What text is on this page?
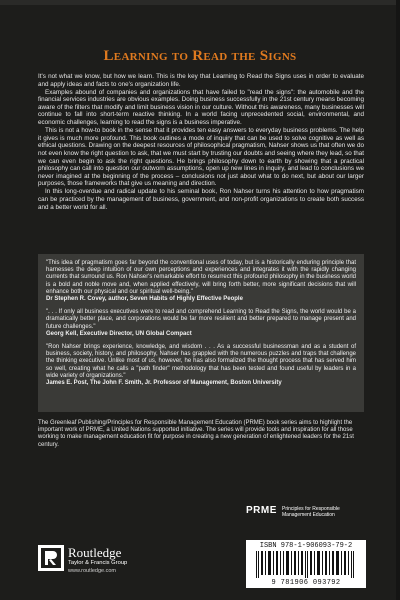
Learning to Read the Signs

It's not what we know, but how we learn. This is the key that Learning to Read the Signs uses in order to evaluate and apply ideas and facts to one's organization life.

Examples abound of companies and organizations that have failed to "read the signs": the automobile and the financial services industries are obvious examples. Doing business successfully in the 21st century means becoming aware of the filters that modify and limit business vision in our culture. Without this awareness, many businesses will continue to fall into short-term reactive thinking. In a world facing unprecedented social, environmental, and economic challenges, learning to read the signs is a business imperative.

This is not a how-to book in the sense that it provides ten easy answers to everyday business problems. The help it gives is much more profound. This book outlines a mode of inquiry that can be used to solve cognitive as well as ethical questions. Drawing on the deepest resources of philosophical pragmatism, Nahser shows us that often we do not even know the right question to ask, that we must start by trusting our doubts and seeing where they lead, so that we can even begin to ask the right questions. He brings philosophy down to earth by showing that a practical philosophy can call into question our outworn assumptions, open up new lines in inquiry, and lead to conclusions we never imagined at the beginning of the process – conclusions not just about what to do next, but about our larger purposes, those frameworks that give us meaning and direction.

In this long-overdue and radical update to his seminal book, Ron Nahser turns his attention to how pragmatism can be practiced by the management of business, government, and non-profit organizations to create both success and a better world for all.

"This idea of pragmatism goes far beyond the conventional uses of today, but is a historically enduring principle that harnesses the deep intuition of our own perceptions and experiences and integrates it with the rapidly changing currents that surround us. Ron Nahser's remarkable effort to resurrect this profound philosophy in the business world is a bold and noble move and, when applied effectively, will bring forth better, more significant decisions that will enhance both our physical and our spiritual well-being."
Dr Stephen R. Covey, author, Seven Habits of Highly Effective People
". . . If only all business executives were to read and comprehend Learning to Read the Signs, the world would be a dramatically better place, and corporations would be far more resilient and better prepared to manage present and future challenges."
Georg Kell, Executive Director, UN Global Compact
"Ron Nahser brings experience, knowledge, and wisdom . . . As a successful businessman and as a student of business, society, history, and philosophy, Nahser has grappled with the numerous puzzles and traps that challenge the thinking executive. Unlike most of us, however, he has also formalized the thought process that has served him so well, creating what he calls a "path finder" methodology that has been tested and found useful by leaders in a wide variety of organizations."
James E. Post, The John F. Smith, Jr. Professor of Management, Boston University

The Greenleaf Publishing/Principles for Responsible Management Education (PRME) book series aims to highlight the important work of PRME, a United Nations supported initiative. The series will provide tools and inspiration for all those working to make management education fit for purpose in creating a new generation of enlightened leaders for the 21st century.

PRME Principles for Responsible Management Education
Routledge
Taylor & Francis Group
www.routledge.com
ISBN 978-1-906093-79-2
9 781906 093792
